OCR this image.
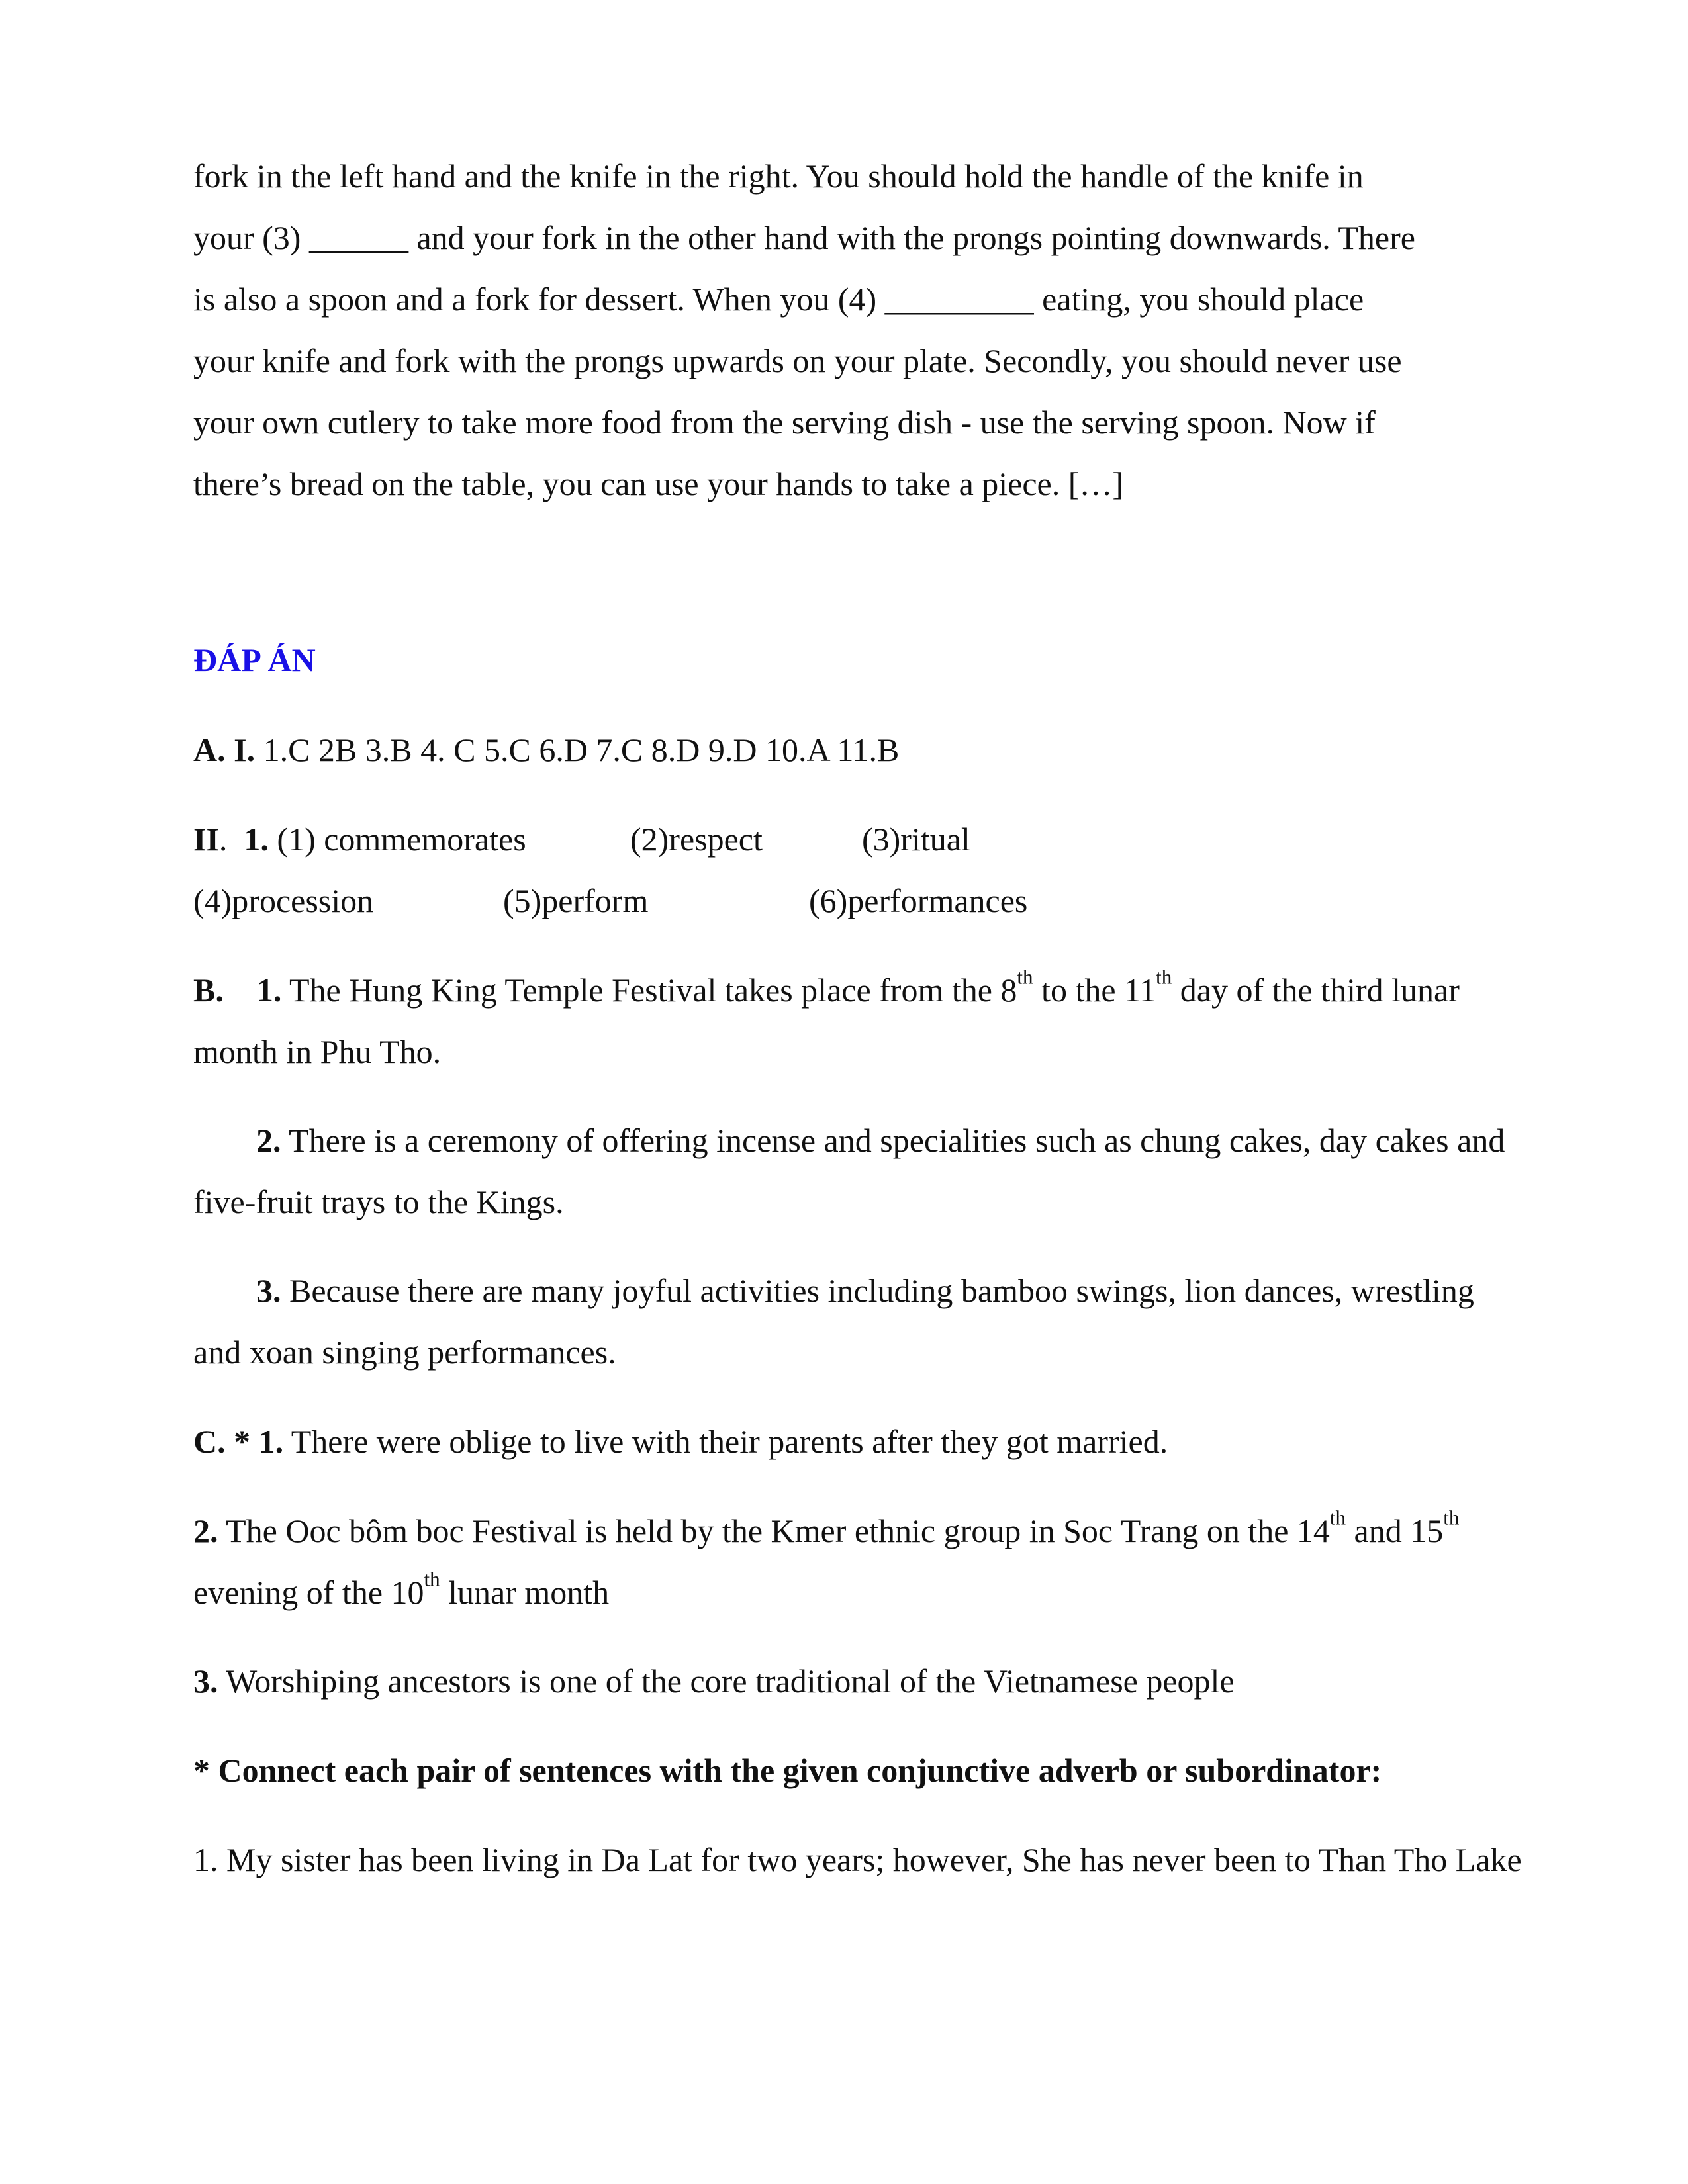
fork in the left hand and the knife in the right. You should hold the handle of the knife in
your (3) ______ and your fork in the other hand with the prongs pointing downwards. There
is also a spoon and a fork for dessert. When you (4) _________ eating, you should place
your knife and fork with the prongs upwards on your plate. Secondly, you should never use
your own cutlery to take more food from the serving dish - use the serving spoon. Now if
there’s bread on the table, you can use your hands to take a piece. […]
ĐÁP ÁN
A. I. 1.C 2B 3.B 4. C 5.C 6.D 7.C 8.D 9.D 10.A 11.B
II.  1. (1) commemorates	(2)respect	(3)ritual
(4)procession	(5)perform	(6)performances
B. 1. The Hung King Temple Festival takes place from the 8th to the 11th day of the third lunar month in Phu Tho.
2. There is a ceremony of offering incense and specialities such as chung cakes, day cakes and five-fruit trays to the Kings.
3. Because there are many joyful activities including bamboo swings, lion dances, wrestling and xoan singing performances.
C. * 1. There were oblige to live with their parents after they got married.
2. The Ooc bôm boc Festival is held by the Kmer ethnic group in Soc Trang on the 14th and 15th evening of the 10th lunar month
3. Worshiping ancestors is one of the core traditional of the Vietnamese people
* Connect each pair of sentences with the given conjunctive adverb or subordinator:
1. My sister has been living in Da Lat for two years; however, She has never been to Than Tho Lake
